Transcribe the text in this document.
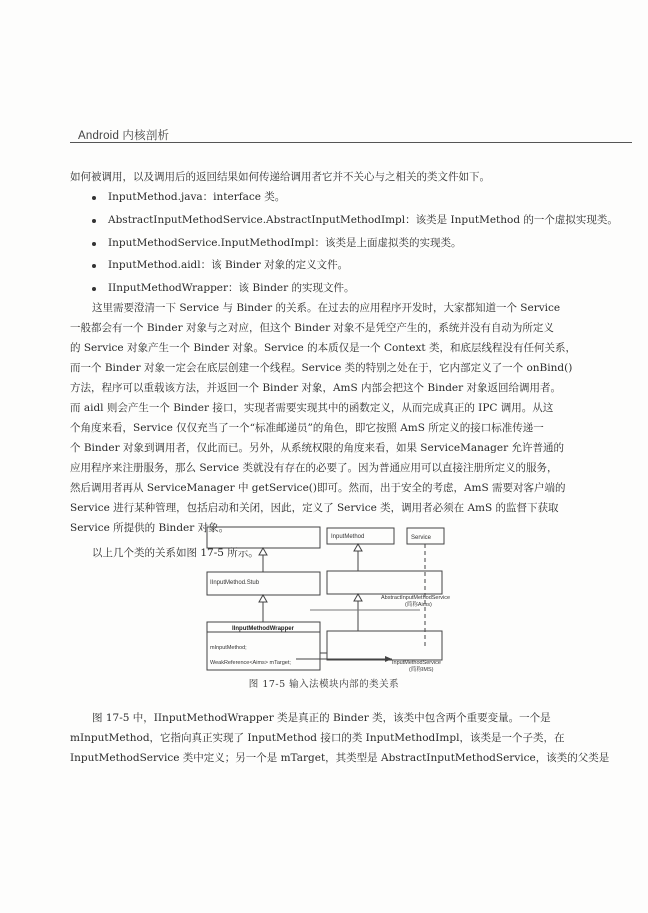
Android 内核剖析
如何被调用，以及调用后的返回结果如何传递给调用者它并不关心与之相关的类文件如下。
InputMethod.java：interface 类。
AbstractInputMethodService.AbstractInputMethodImpl：该类是 InputMethod 的一个虚拟实现类。
InputMethodService.InputMethodImpl：该类是上面虚拟类的实现类。
InputMethod.aidl：该 Binder 对象的定义文件。
IInputMethodWrapper：该 Binder 的实现文件。
这里需要澄清一下 Service 与 Binder 的关系。在过去的应用程序开发时，大家都知道一个 Service
一般都会有一个 Binder 对象与之对应，但这个 Binder 对象不是凭空产生的，系统并没有自动为所定义
的 Service 对象产生一个 Binder 对象。Service 的本质仅是一个 Context 类，和底层线程没有任何关系，
而一个 Binder 对象一定会在底层创建一个线程。Service 类的特别之处在于，它内部定义了一个 onBind()
方法，程序可以重载该方法，并返回一个 Binder 对象，AmS 内部会把这个 Binder 对象返回给调用者。
而 aidl 则会产生一个 Binder 接口，实现者需要实现其中的函数定义，从而完成真正的 IPC 调用。从这
个角度来看，Service 仅仅充当了一个“标准邮递员”的角色，即它按照 AmS 所定义的接口标准传递一
个 Binder 对象到调用者，仅此而已。另外，从系统权限的角度来看，如果 ServiceManager 允许普通的
应用程序来注册服务，那么 Service 类就没有存在的必要了。因为普通应用可以直接注册所定义的服务，
然后调用者再从 ServiceManager 中 getService()即可。然而，出于安全的考虑，AmS 需要对客户端的
Service 进行某种管理，包括启动和关闭，因此，定义了 Service 类，调用者必须在 AmS 的监督下获取
Service 所提供的 Binder 对象。
以上几个类的关系如图 17-5 所示。
InputMethod	Service
IInputMethod.Stub
AbstractInputMethodService
(简称Aims)
IInputMethodWrapper
mInputMethod;
WeakReference<Aims> mTarget;	InputMethodService
(简称IMS)
图 17-5 输入法模块内部的类关系
图 17-5 中，IInputMethodWrapper 类是真正的 Binder 类，该类中包含两个重要变量。一个是
mInputMethod，它指向真正实现了 InputMethod 接口的类 InputMethodImpl，该类是一个子类，在
InputMethodService 类中定义；另一个是 mTarget，其类型是 AbstractInputMethodService，该类的父类是
